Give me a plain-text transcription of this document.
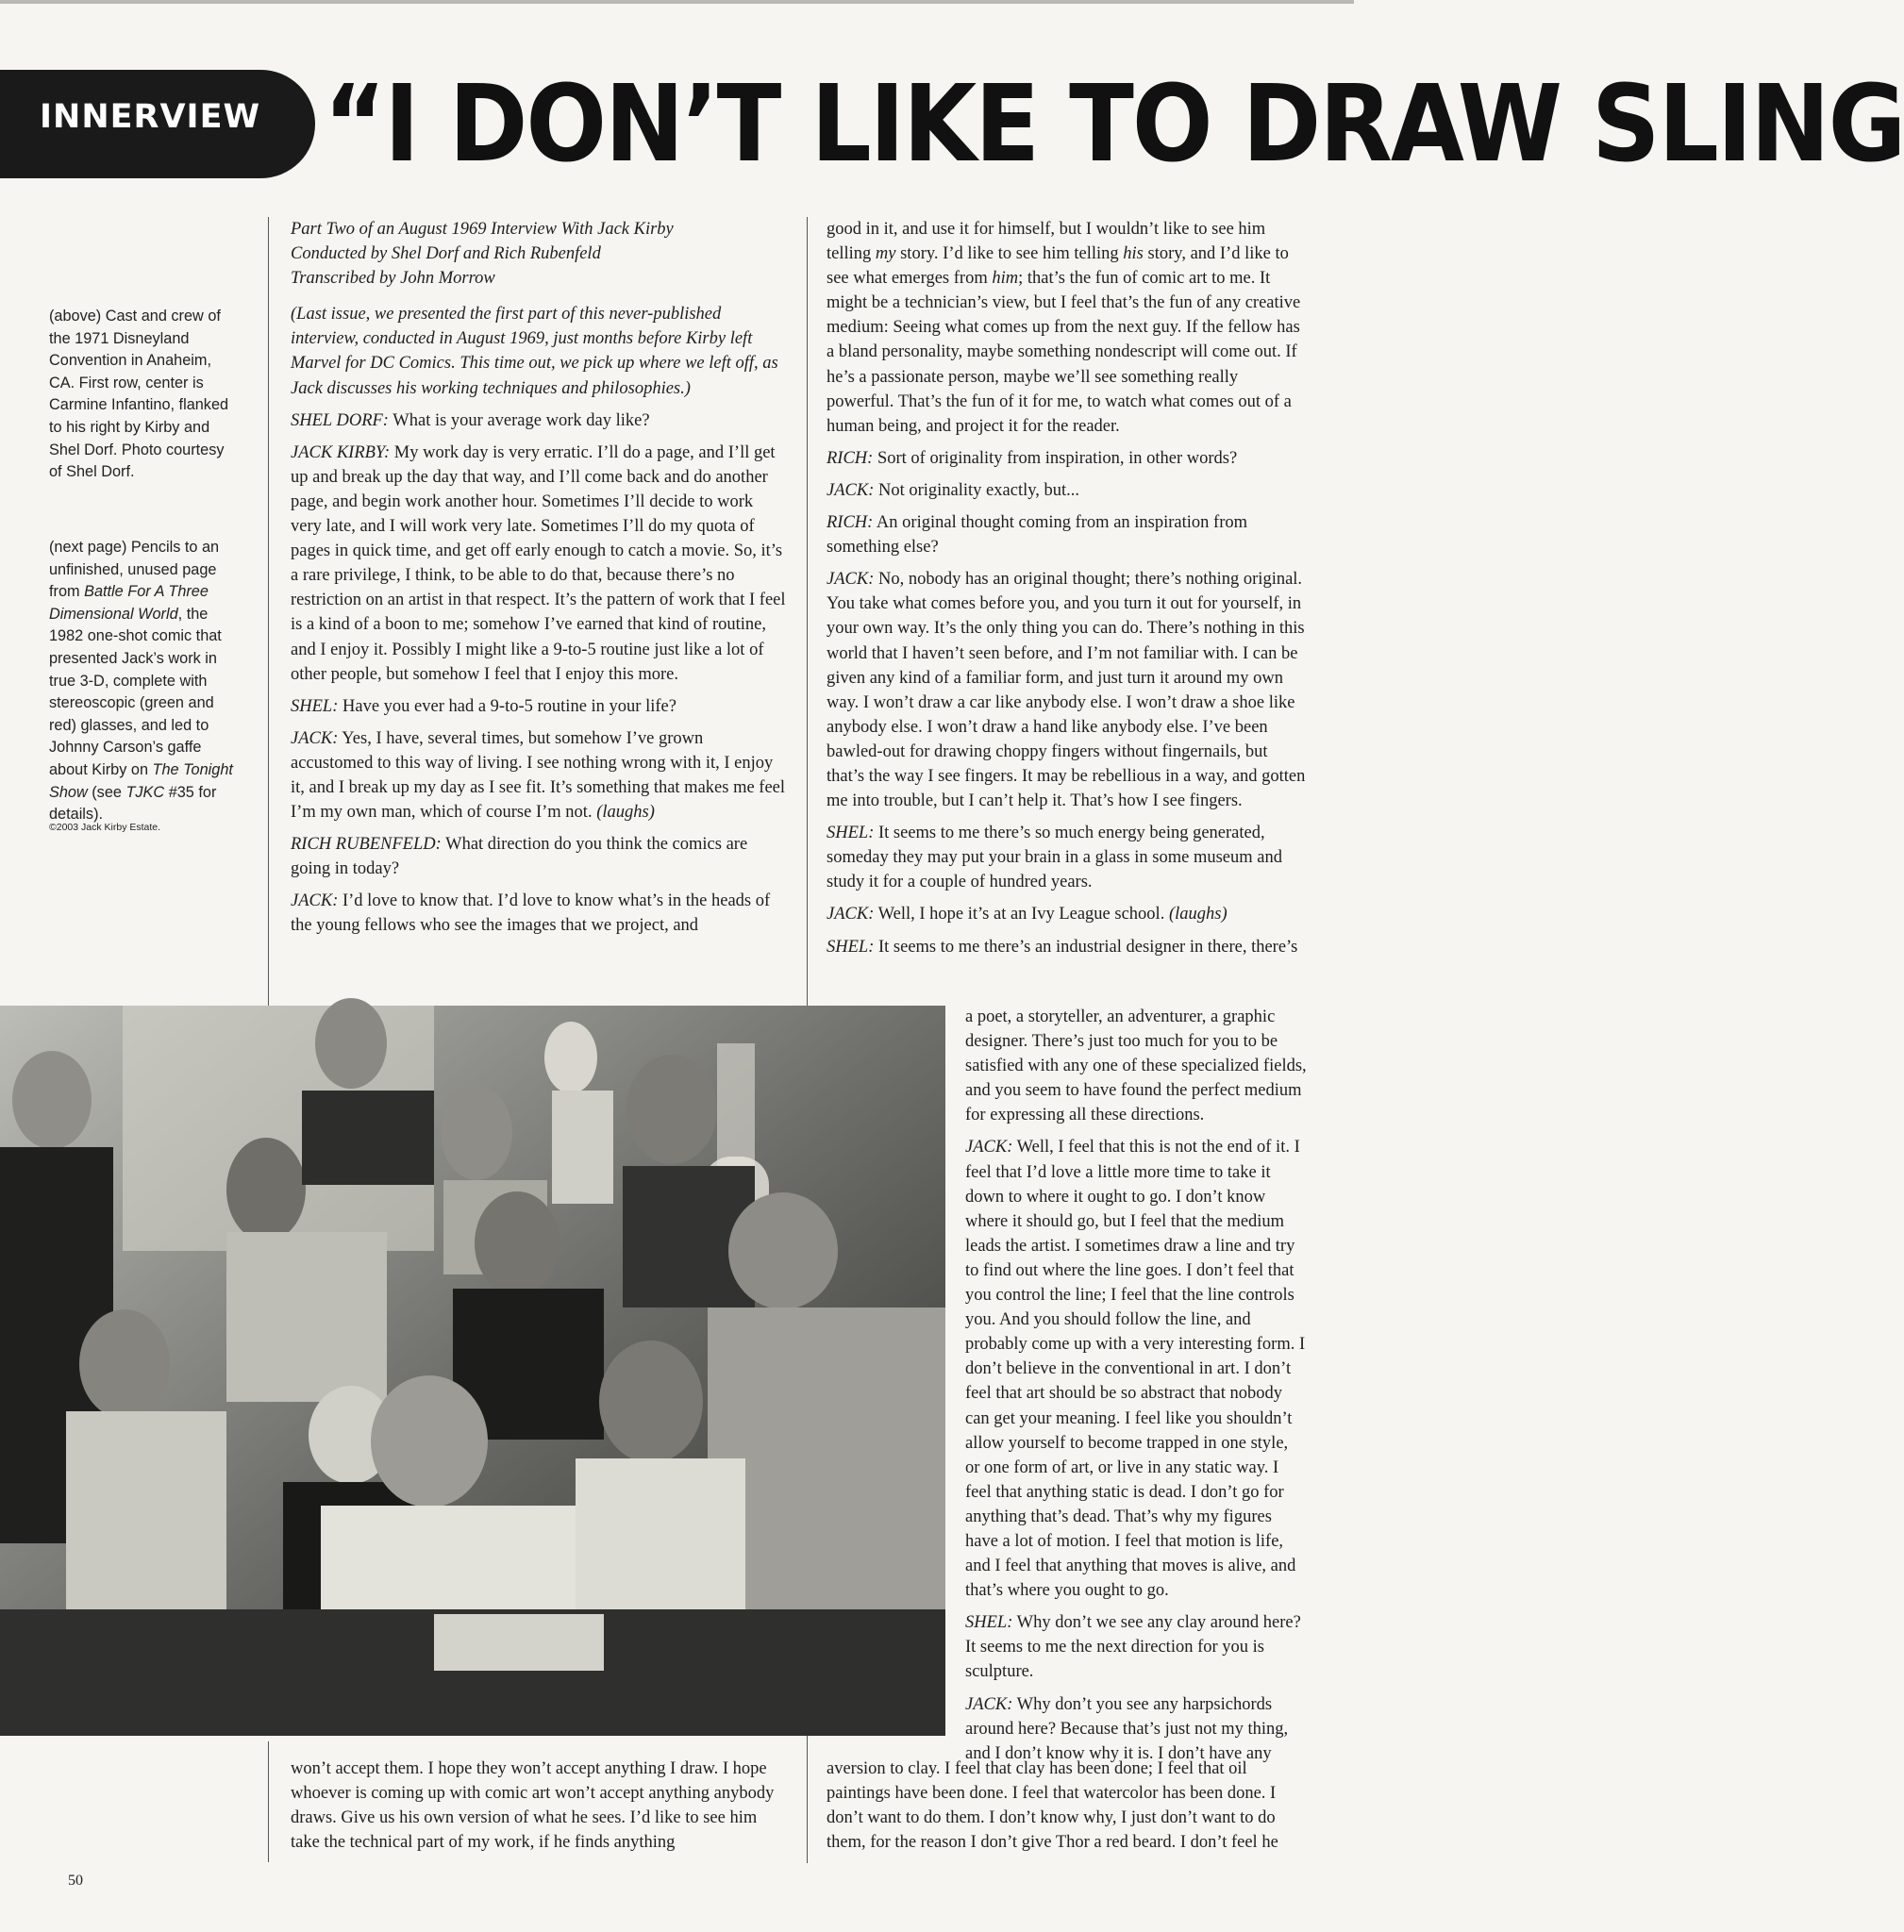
INNERVIEW “I DON’T LIKE TO DRAW SLING
(above) Cast and crew of the 1971 Disneyland Convention in Anaheim, CA. First row, center is Carmine Infantino, flanked to his right by Kirby and Shel Dorf. Photo courtesy of Shel Dorf.
(next page) Pencils to an unfinished, unused page from Battle For A Three Dimensional World, the 1982 one-shot comic that presented Jack’s work in true 3-D, complete with stereoscopic (green and red) glasses, and led to Johnny Carson’s gaffe about Kirby on The Tonight Show (see TJKC #35 for details).
©2003 Jack Kirby Estate.
Part Two of an August 1969 Interview With Jack Kirby
Conducted by Shel Dorf and Rich Rubenfeld
Transcribed by John Morrow

(Last issue, we presented the first part of this never-published interview, conducted in August 1969, just months before Kirby left Marvel for DC Comics. This time out, we pick up where we left off, as Jack discusses his working techniques and philosophies.)

SHEL DORF: What is your average work day like?

JACK KIRBY: My work day is very erratic. I’ll do a page, and I’ll get up and break up the day that way, and I’ll come back and do another page, and begin work another hour. Sometimes I’ll decide to work very late, and I will work very late. Sometimes I’ll do my quota of pages in quick time, and get off early enough to catch a movie. So, it’s a rare privilege, I think, to be able to do that, because there’s no restriction on an artist in that respect. It’s the pattern of work that I feel is a kind of a boon to me; somehow I’ve earned that kind of routine, and I enjoy it. Possibly I might like a 9-to-5 routine just like a lot of other people, but somehow I feel that I enjoy this more.

SHEL: Have you ever had a 9-to-5 routine in your life?

JACK: Yes, I have, several times, but somehow I’ve grown accustomed to this way of living. I see nothing wrong with it, I enjoy it, and I break up my day as I see fit. It’s something that makes me feel I’m my own man, which of course I’m not. (laughs)

RICH RUBENFELD: What direction do you think the comics are going in today?

JACK: I’d love to know that. I’d love to know what’s in the heads of the young fellows who see the images that we project, and

won’t accept them. I hope they won’t accept anything I draw. I hope whoever is coming up with comic art won’t accept anything anybody draws. Give us his own version of what he sees. I’d like to see him take the technical part of my work, if he finds anything

good in it, and use it for himself, but I wouldn’t like to see him telling my story. I’d like to see him telling his story, and I’d like to see what emerges from him; that’s the fun of comic art to me. It might be a technician’s view, but I feel that’s the fun of any creative medium: Seeing what comes up from the next guy. If the fellow has a bland personality, maybe something nondescript will come out. If he’s a passionate person, maybe we’ll see something really powerful. That’s the fun of it for me, to watch what comes out of a human being, and project it for the reader.

RICH: Sort of originality from inspiration, in other words?

JACK: Not originality exactly, but...

RICH: An original thought coming from an inspiration from something else?

JACK: No, nobody has an original thought; there’s nothing original. You take what comes before you, and you turn it out for yourself, in your own way. It’s the only thing you can do. There’s nothing in this world that I haven’t seen before, and I’m not familiar with. I can be given any kind of a familiar form, and just turn it around my own way. I won’t draw a car like anybody else. I won’t draw a shoe like anybody else. I won’t draw a hand like anybody else. I’ve been bawled-out for drawing choppy fingers without fingernails, but that’s the way I see fingers. It may be rebellious in a way, and gotten me into trouble, but I can’t help it. That’s how I see fingers.

SHEL: It seems to me there’s so much energy being generated, someday they may put your brain in a glass in some museum and study it for a couple of hundred years.

JACK: Well, I hope it’s at an Ivy League school. (laughs)

SHEL: It seems to me there’s an industrial designer in there, there’s

a poet, a storyteller, an adventurer, a graphic designer. There’s just too much for you to be satisfied with any one of these specialized fields, and you seem to have found the perfect medium for expressing all these directions.

JACK: Well, I feel that this is not the end of it. I feel that I’d love a little more time to take it down to where it ought to go. I don’t know where it should go, but I feel that the medium leads the artist. I sometimes draw a line and try to find out where the line goes. I don’t feel that you control the line; I feel that the line controls you. And you should follow the line, and probably come up with a very interesting form. I don’t believe in the conventional in art. I don’t feel that art should be so abstract that nobody can get your meaning. I feel like you shouldn’t allow yourself to become trapped in one style, or one form of art, or live in any static way. I feel that anything static is dead. I don’t go for anything that’s dead. That’s why my figures have a lot of motion. I feel that motion is life, and I feel that anything that moves is alive, and that’s where you ought to go.

SHEL: Why don’t we see any clay around here? It seems to me the next direction for you is sculpture.

JACK: Why don’t you see any harpsichords around here? Because that’s just not my thing, and I don’t know why it is. I don’t have any

aversion to clay. I feel that clay has been done; I feel that oil paintings have been done. I feel that watercolor has been done. I don’t want to do them. I don’t know why, I just don’t want to do them, for the reason I don’t give Thor a red beard. I don’t feel he

50
